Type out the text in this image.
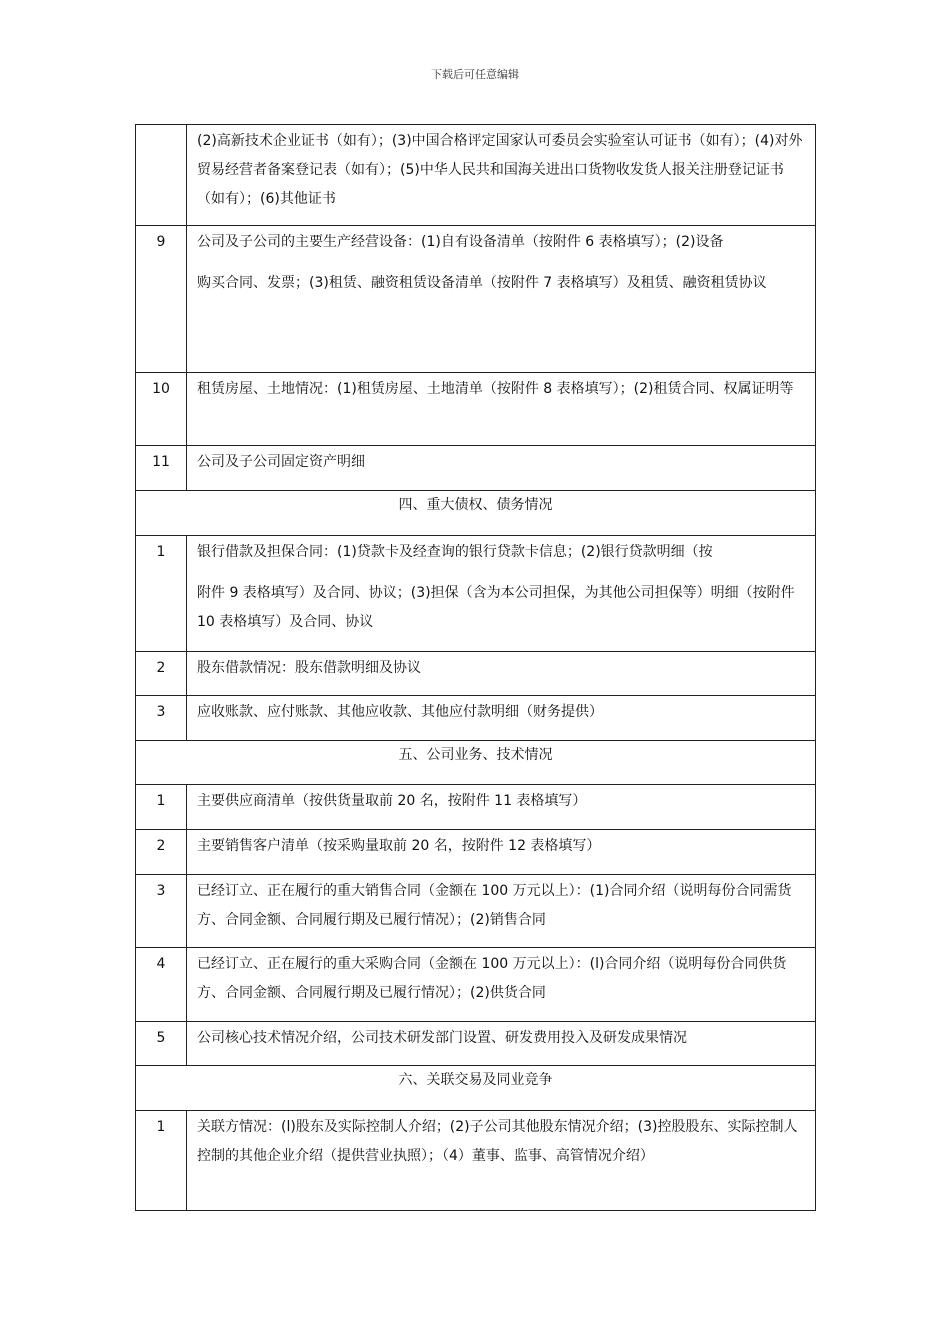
下载后可任意编辑
	(2)高新技术企业证书（如有）；(3)中国合格评定国家认可委员会实验室认可证书（如有）；(4)对外贸易经营者备案登记表（如有）；(5)中华人民共和国海关进出口货物收发货人报关注册登记证书（如有）；(6)其他证书
9	公司及子公司的主要生产经营设备：(1)自有设备清单（按附件 6 表格填写）；(2)设备
购买合同、发票；(3)租赁、融资租赁设备清单（按附件 7 表格填写）及租赁、融资租赁协议
10	租赁房屋、土地情况：(1)租赁房屋、土地清单（按附件 8 表格填写）；(2)租赁合同、权属证明等
11	公司及子公司固定资产明细
四、重大债权、债务情况	
1	银行借款及担保合同：(1)贷款卡及经查询的银行贷款卡信息；(2)银行贷款明细（按
附件 9 表格填写）及合同、协议；(3)担保（含为本公司担保，为其他公司担保等）明细（按附件 10 表格填写）及合同、协议
2	股东借款情况：股东借款明细及协议
3	应收账款、应付账款、其他应收款、其他应付款明细（财务提供）
五、公司业务、技术情况	
1	主要供应商清单（按供货量取前 20 名，按附件 11 表格填写）
2	主要销售客户清单（按采购量取前 20 名，按附件 12 表格填写）
3	已经订立、正在履行的重大销售合同（金额在 100 万元以上）：(1)合同介绍（说明每份合同需货方、合同金额、合同履行期及已履行情况）；(2)销售合同
4	已经订立、正在履行的重大采购合同（金额在 100 万元以上）：(l)合同介绍（说明每份合同供货方、合同金额、合同履行期及已履行情况）；(2)供货合同
5	公司核心技术情况介绍，公司技术研发部门设置、研发费用投入及研发成果情况
六、关联交易及同业竞争	
1	关联方情况：(l)股东及实际控制人介绍；(2)子公司其他股东情况介绍；(3)控股股东、实际控制人控制的其他企业介绍（提供营业执照）；（4）董事、监事、高管情况介绍）
